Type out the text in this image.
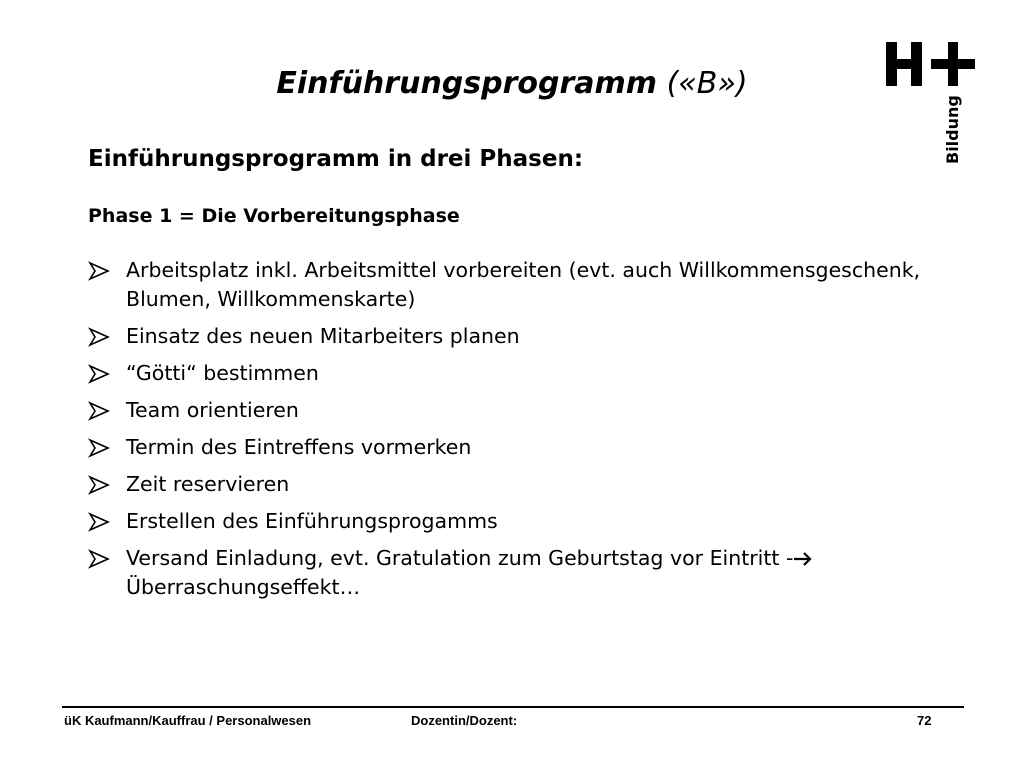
Einführungsprogramm («B»)
Bildung
Einführungsprogramm in drei Phasen:
Phase 1 = Die Vorbereitungsphase
Arbeitsplatz inkl. Arbeitsmittel vorbereiten (evt. auch Willkommensgeschenk, Blumen, Willkommenskarte)
Einsatz des neuen Mitarbeiters planen
“Götti“ bestimmen
Team orientieren
Termin des Eintreffens vormerken
Zeit reservieren
Erstellen des Einführungsprogamms
Versand Einladung, evt. Gratulation zum Geburtstag vor Eintritt -
Überraschungseffekt…
üK Kaufmann/Kauffrau / Personalwesen	Dozentin/Dozent:	72
